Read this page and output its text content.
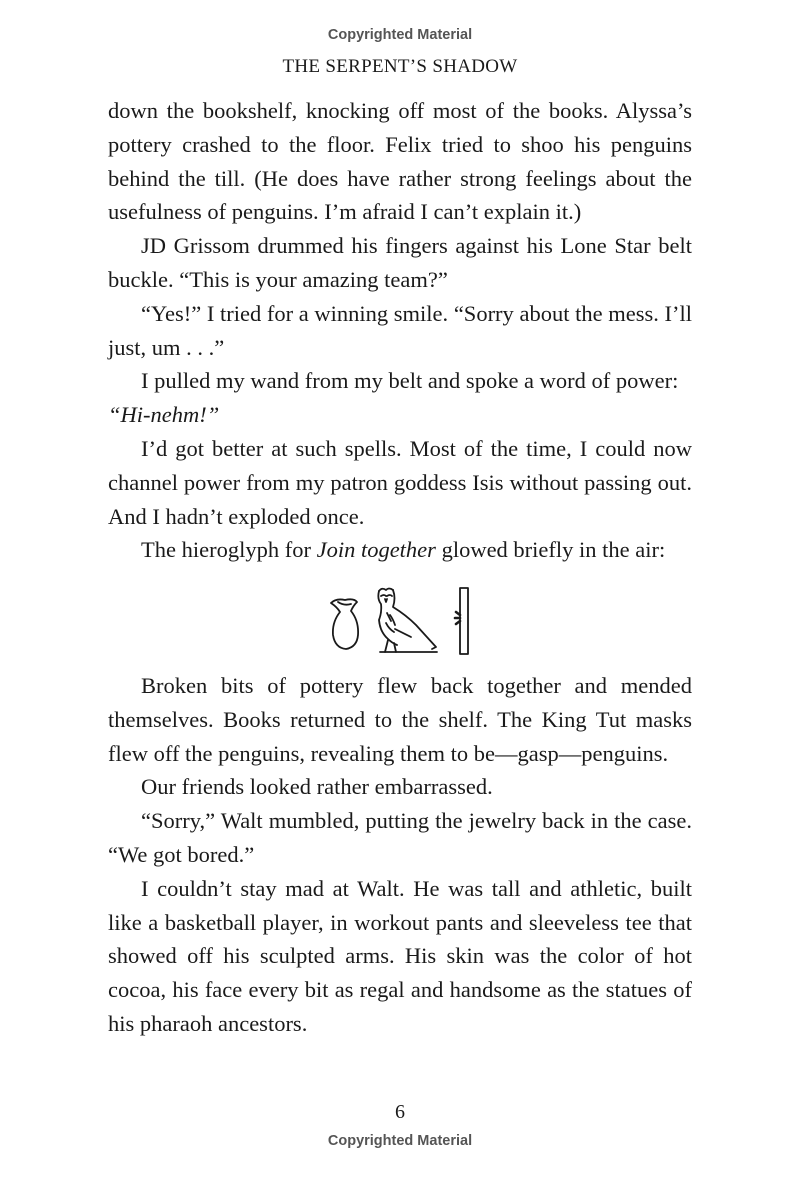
Copyrighted Material
THE SERPENT’S SHADOW

down the bookshelf, knocking off most of the books. Alyssa’s pottery crashed to the floor. Felix tried to shoo his penguins behind the till. (He does have rather strong feelings about the usefulness of penguins. I’m afraid I can’t explain it.)

JD Grissom drummed his fingers against his Lone Star belt buckle. “This is your amazing team?”

“Yes!” I tried for a winning smile. “Sorry about the mess. I’ll just, um . . .”

I pulled my wand from my belt and spoke a word of power:

“Hi-nehm!”

I’d got better at such spells. Most of the time, I could now channel power from my patron goddess Isis without passing out. And I hadn’t exploded once.

The hieroglyph for Join together glowed briefly in the air:

Broken bits of pottery flew back together and mended themselves. Books returned to the shelf. The King Tut masks flew off the penguins, revealing them to be—gasp—penguins.

Our friends looked rather embarrassed.

“Sorry,” Walt mumbled, putting the jewelry back in the case. “We got bored.”

I couldn’t stay mad at Walt. He was tall and athletic, built like a basketball player, in workout pants and sleeveless tee that showed off his sculpted arms. His skin was the color of hot cocoa, his face every bit as regal and handsome as the statues of his pharaoh ancestors.

6
Copyrighted Material
